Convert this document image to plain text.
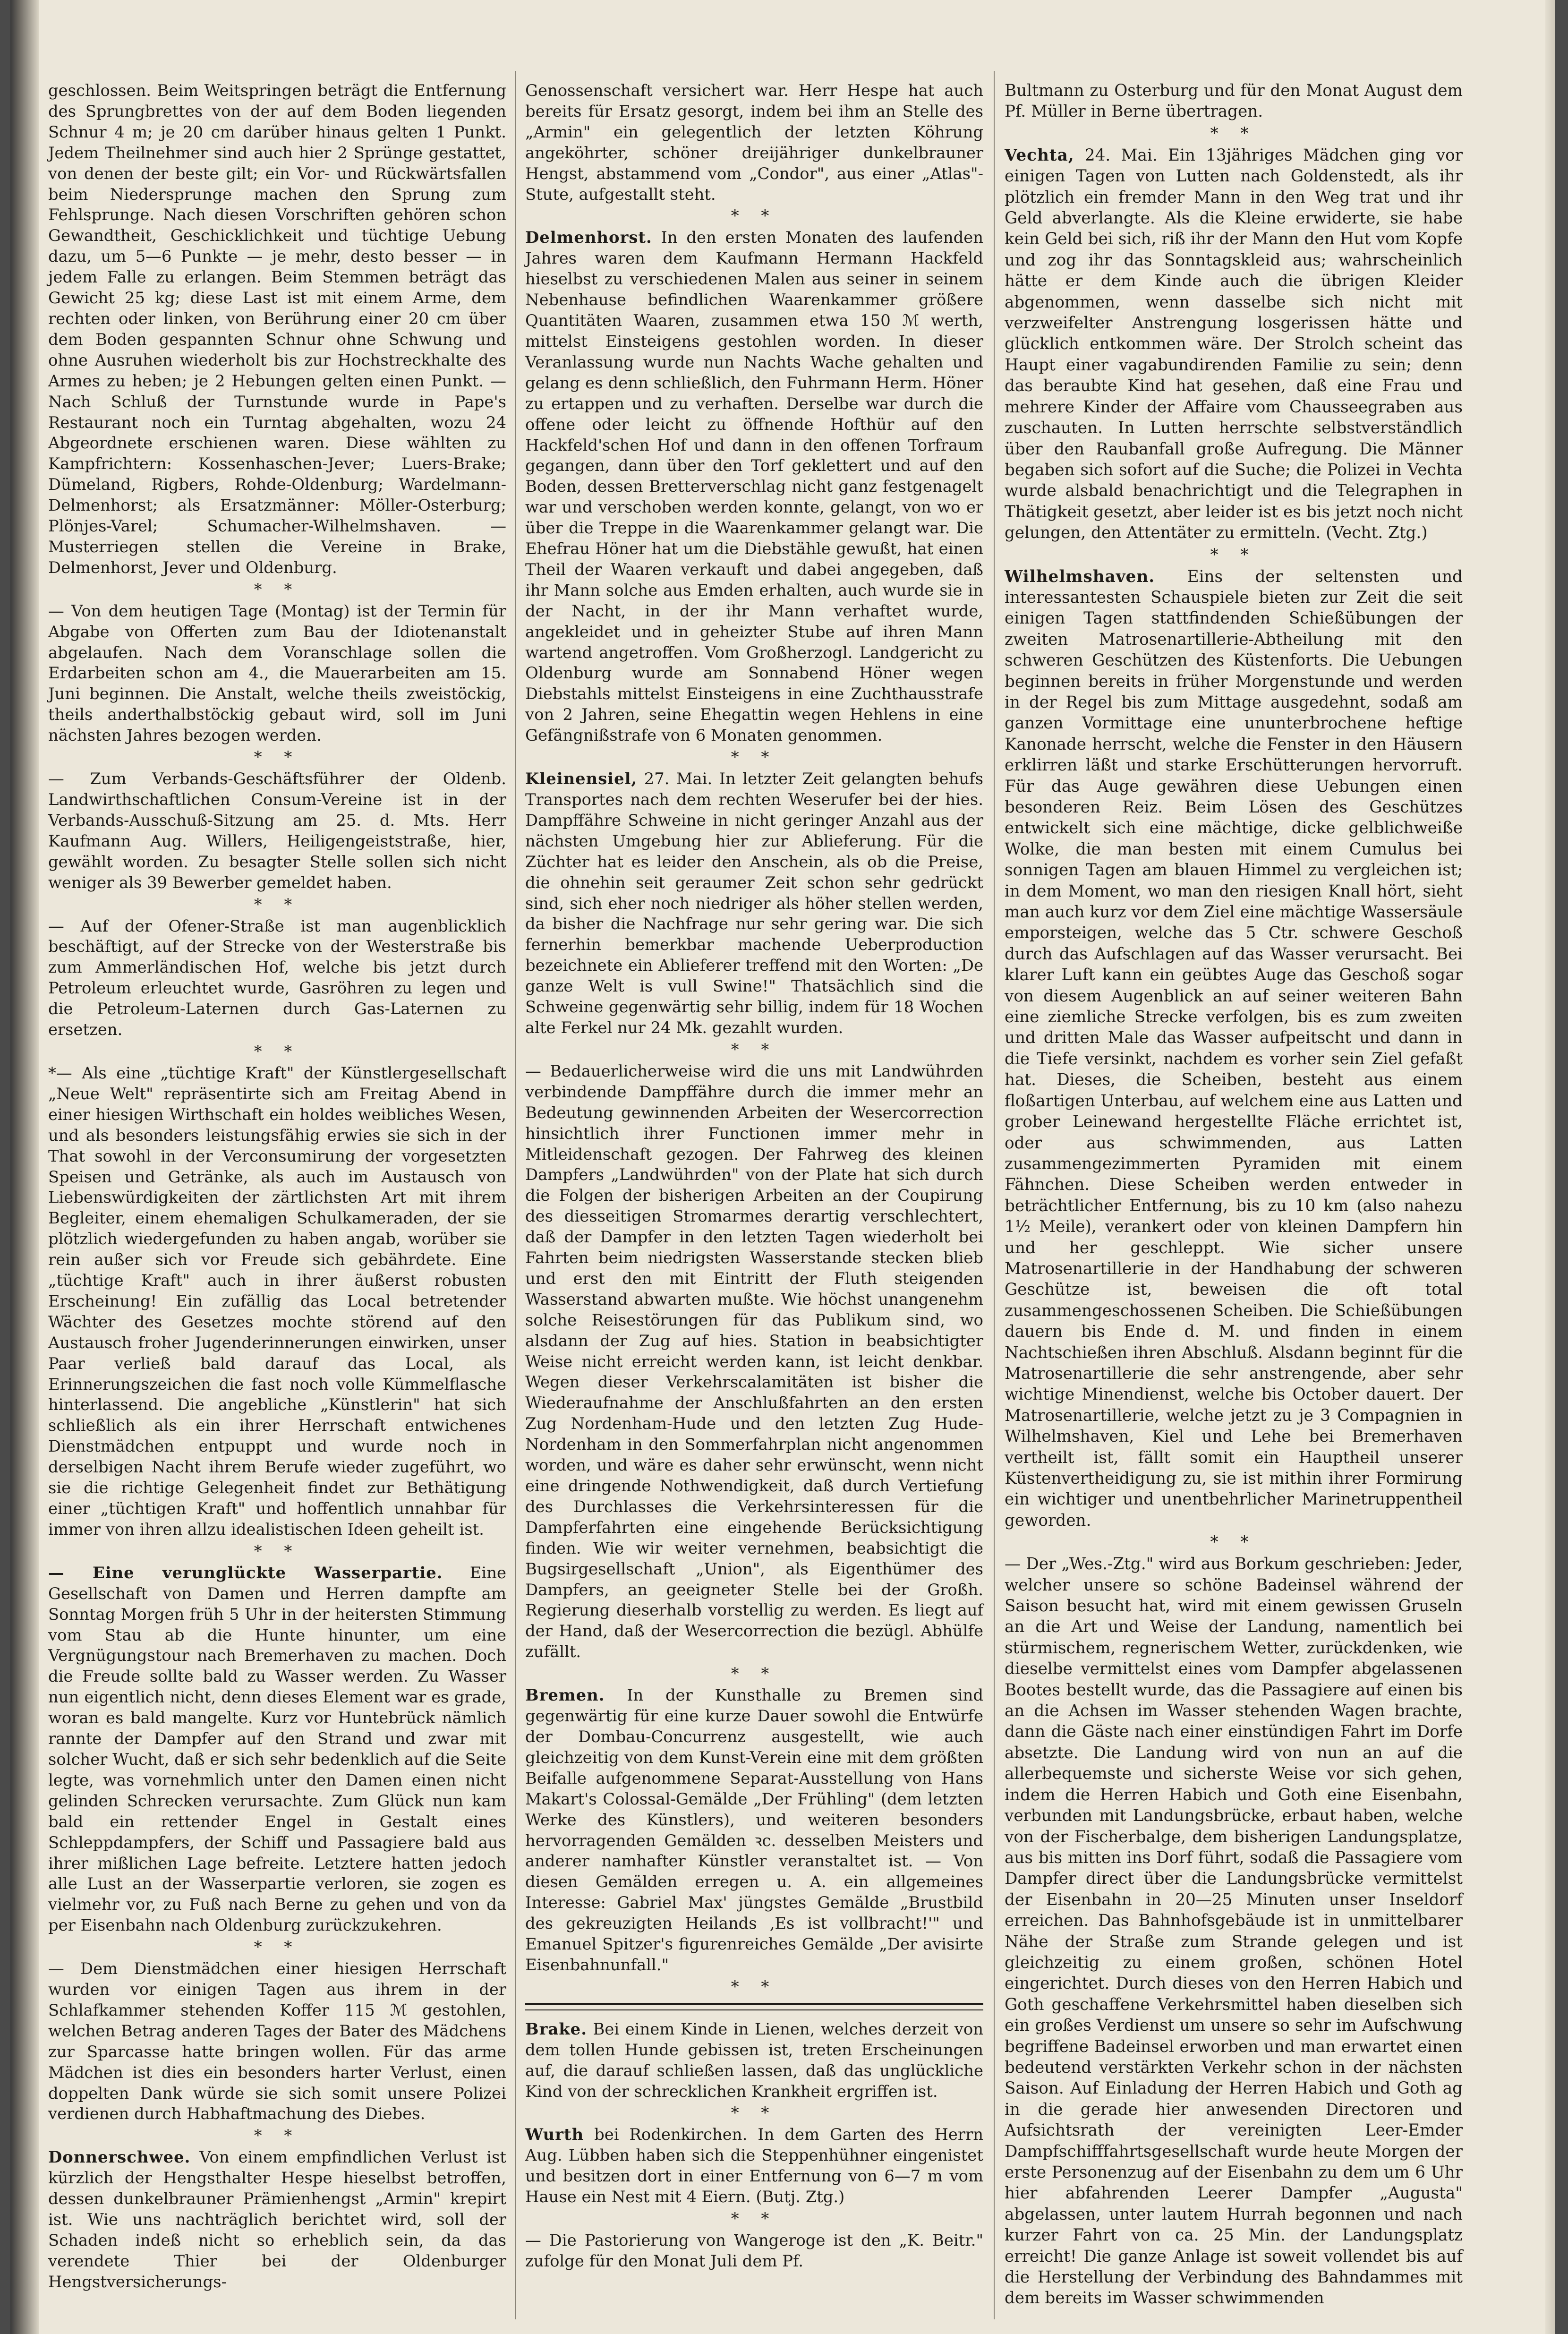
geschlossen. Beim Weitspringen beträgt die Entfernung des Sprungbrettes von der auf dem Boden liegenden Schnur 4 m; je 20 cm darüber hinaus gelten 1 Punkt. Jedem Theilnehmer sind auch hier 2 Sprünge gestattet, von denen der beste gilt; ein Vor- und Rückwärtsfallen beim Niedersprunge machen den Sprung zum Fehlsprunge. Nach diesen Vorschriften gehören schon Gewandtheit, Geschicklichkeit und tüchtige Uebung dazu, um 5—6 Punkte — je mehr, desto besser — in jedem Falle zu erlangen. Beim Stemmen beträgt das Gewicht 25 kg; diese Last ist mit einem Arme, dem rechten oder linken, von Berührung einer 20 cm über dem Boden gespannten Schnur ohne Schwung und ohne Ausruhen wiederholt bis zur Hochstreckhalte des Armes zu heben; je 2 Hebungen gelten einen Punkt. — Nach Schluß der Turnstunde wurde in Pape's Restaurant noch ein Turntag abgehalten, wozu 24 Abgeordnete erschienen waren. Diese wählten zu Kampfrichtern: Kossenhaschen-Jever; Luers-Brake; Dümeland, Rigbers, Rohde-Oldenburg; Wardelmann-Delmenhorst; als Ersatzmänner: Möller-Osterburg; Plönjes-Varel; Schumacher-Wilhelmshaven. — Musterriegen stellen die Vereine in Brake, Delmenhorst, Jever und Oldenburg.

* *

— Von dem heutigen Tage (Montag) ist der Termin für Abgabe von Offerten zum Bau der Idiotenanstalt abgelaufen. Nach dem Voranschlage sollen die Erdarbeiten schon am 4., die Mauerarbeiten am 15. Juni beginnen. Die Anstalt, welche theils zweistöckig, theils anderthalbstöckig gebaut wird, soll im Juni nächsten Jahres bezogen werden.

* *

— Zum Verbands-Geschäftsführer der Oldenb. Landwirthschaftlichen Consum-Vereine ist in der Verbands-Ausschuß-Sitzung am 25. d. Mts. Herr Kaufmann Aug. Willers, Heiligengeiststraße, hier, gewählt worden. Zu besagter Stelle sollen sich nicht weniger als 39 Bewerber gemeldet haben.

* *

— Auf der Ofener-Straße ist man augenblicklich beschäftigt, auf der Strecke von der Westerstraße bis zum Ammerländischen Hof, welche bis jetzt durch Petroleum erleuchtet wurde, Gasröhren zu legen und die Petroleum-Laternen durch Gas-Laternen zu ersetzen.

* *

*— Als eine „tüchtige Kraft" der Künstlergesellschaft „Neue Welt" repräsentirte sich am Freitag Abend in einer hiesigen Wirthschaft ein holdes weibliches Wesen, und als besonders leistungsfähig erwies sie sich in der That sowohl in der Verconsumirung der vorgesetzten Speisen und Getränke, als auch im Austausch von Liebenswürdigkeiten der zärtlichsten Art mit ihrem Begleiter, einem ehemaligen Schulkameraden, der sie plötzlich wiedergefunden zu haben angab, worüber sie rein außer sich vor Freude sich gebährdete. Eine „tüchtige Kraft" auch in ihrer äußerst robusten Erscheinung! Ein zufällig das Local betretender Wächter des Gesetzes mochte störend auf den Austausch froher Jugenderinnerungen einwirken, unser Paar verließ bald darauf das Local, als Erinnerungszeichen die fast noch volle Kümmelflasche hinterlassend. Die angebliche „Künstlerin" hat sich schließlich als ein ihrer Herrschaft entwichenes Dienstmädchen entpuppt und wurde noch in derselbigen Nacht ihrem Berufe wieder zugeführt, wo sie die richtige Gelegenheit findet zur Bethätigung einer „tüchtigen Kraft" und hoffentlich unnahbar für immer von ihren allzu idealistischen Ideen geheilt ist.

* *

— Eine verunglückte Wasserpartie. Eine Gesellschaft von Damen und Herren dampfte am Sonntag Morgen früh 5 Uhr in der heitersten Stimmung vom Stau ab die Hunte hinunter, um eine Vergnügungstour nach Bremerhaven zu machen. Doch die Freude sollte bald zu Wasser werden. Zu Wasser nun eigentlich nicht, denn dieses Element war es grade, woran es bald mangelte. Kurz vor Huntebrück nämlich rannte der Dampfer auf den Strand und zwar mit solcher Wucht, daß er sich sehr bedenklich auf die Seite legte, was vornehmlich unter den Damen einen nicht gelinden Schrecken verursachte. Zum Glück nun kam bald ein rettender Engel in Gestalt eines Schleppdampfers, der Schiff und Passagiere bald aus ihrer mißlichen Lage befreite. Letztere hatten jedoch alle Lust an der Wasserpartie verloren, sie zogen es vielmehr vor, zu Fuß nach Berne zu gehen und von da per Eisenbahn nach Oldenburg zurückzukehren.

* *

— Dem Dienstmädchen einer hiesigen Herrschaft wurden vor einigen Tagen aus ihrem in der Schlafkammer stehenden Koffer 115 ℳ gestohlen, welchen Betrag anderen Tages der Bater des Mädchens zur Sparcasse hatte bringen wollen. Für das arme Mädchen ist dies ein besonders harter Verlust, einen doppelten Dank würde sie sich somit unsere Polizei verdienen durch Habhaftmachung des Diebes.

* *

Donnerschwee. Von einem empfindlichen Verlust ist kürzlich der Hengsthalter Hespe hieselbst betroffen, dessen dunkelbrauner Prämienhengst „Armin" krepirt ist. Wie uns nachträglich berichtet wird, soll der Schaden indeß nicht so erheblich sein, da das verendete Thier bei der Oldenburger Hengstversicherungs-

Genossenschaft versichert war. Herr Hespe hat auch bereits für Ersatz gesorgt, indem bei ihm an Stelle des „Armin" ein gelegentlich der letzten Köhrung angeköhrter, schöner dreijähriger dunkelbrauner Hengst, abstammend vom „Condor", aus einer „Atlas"-Stute, aufgestallt steht.

* *

Delmenhorst. In den ersten Monaten des laufenden Jahres waren dem Kaufmann Hermann Hackfeld hieselbst zu verschiedenen Malen aus seiner in seinem Nebenhause befindlichen Waarenkammer größere Quantitäten Waaren, zusammen etwa 150 ℳ werth, mittelst Einsteigens gestohlen worden. In dieser Veranlassung wurde nun Nachts Wache gehalten und gelang es denn schließlich, den Fuhrmann Herm. Höner zu ertappen und zu verhaften. Derselbe war durch die offene oder leicht zu öffnende Hofthür auf den Hackfeld'schen Hof und dann in den offenen Torfraum gegangen, dann über den Torf geklettert und auf den Boden, dessen Bretterverschlag nicht ganz festgenagelt war und verschoben werden konnte, gelangt, von wo er über die Treppe in die Waarenkammer gelangt war. Die Ehefrau Höner hat um die Diebstähle gewußt, hat einen Theil der Waaren verkauft und dabei angegeben, daß ihr Mann solche aus Emden erhalten, auch wurde sie in der Nacht, in der ihr Mann verhaftet wurde, angekleidet und in geheizter Stube auf ihren Mann wartend angetroffen. Vom Großherzogl. Landgericht zu Oldenburg wurde am Sonnabend Höner wegen Diebstahls mittelst Einsteigens in eine Zuchthausstrafe von 2 Jahren, seine Ehegattin wegen Hehlens in eine Gefängnißstrafe von 6 Monaten genommen.

* *

Kleinensiel, 27. Mai. In letzter Zeit gelangten behufs Transportes nach dem rechten Weserufer bei der hies. Dampffähre Schweine in nicht geringer Anzahl aus der nächsten Umgebung hier zur Ablieferung. Für die Züchter hat es leider den Anschein, als ob die Preise, die ohnehin seit geraumer Zeit schon sehr gedrückt sind, sich eher noch niedriger als höher stellen werden, da bisher die Nachfrage nur sehr gering war. Die sich fernerhin bemerkbar machende Ueberproduction bezeichnete ein Ablieferer treffend mit den Worten: „De ganze Welt is vull Swine!" Thatsächlich sind die Schweine gegenwärtig sehr billig, indem für 18 Wochen alte Ferkel nur 24 Mk. gezahlt wurden.

* *

— Bedauerlicherweise wird die uns mit Landwührden verbindende Dampffähre durch die immer mehr an Bedeutung gewinnenden Arbeiten der Wesercorrection hinsichtlich ihrer Functionen immer mehr in Mitleidenschaft gezogen. Der Fahrweg des kleinen Dampfers „Landwührden" von der Plate hat sich durch die Folgen der bisherigen Arbeiten an der Coupirung des diesseitigen Stromarmes derartig verschlechtert, daß der Dampfer in den letzten Tagen wiederholt bei Fahrten beim niedrigsten Wasserstande stecken blieb und erst den mit Eintritt der Fluth steigenden Wasserstand abwarten mußte. Wie höchst unangenehm solche Reisestörungen für das Publikum sind, wo alsdann der Zug auf hies. Station in beabsichtigter Weise nicht erreicht werden kann, ist leicht denkbar. Wegen dieser Verkehrscalamitäten ist bisher die Wiederaufnahme der Anschlußfahrten an den ersten Zug Nordenham-Hude und den letzten Zug Hude-Nordenham in den Sommerfahrplan nicht angenommen worden, und wäre es daher sehr erwünscht, wenn nicht eine dringende Nothwendigkeit, daß durch Vertiefung des Durchlasses die Verkehrsinteressen für die Dampferfahrten eine eingehende Berücksichtigung finden. Wie wir weiter vernehmen, beabsichtigt die Bugsirgesellschaft „Union", als Eigenthümer des Dampfers, an geeigneter Stelle bei der Großh. Regierung dieserhalb vorstellig zu werden. Es liegt auf der Hand, daß der Wesercorrection die bezügl. Abhülfe zufällt.

* *

Bremen. In der Kunsthalle zu Bremen sind gegenwärtig für eine kurze Dauer sowohl die Entwürfe der Dombau-Concurrenz ausgestellt, wie auch gleichzeitig von dem Kunst-Verein eine mit dem größten Beifalle aufgenommene Separat-Ausstellung von Hans Makart's Colossal-Gemälde „Der Frühling" (dem letzten Werke des Künstlers), und weiteren besonders hervorragenden Gemälden ꝛc. desselben Meisters und anderer namhafter Künstler veranstaltet ist. — Von diesen Gemälden erregen u. A. ein allgemeines Interesse: Gabriel Max' jüngstes Gemälde „Brustbild des gekreuzigten Heilands ‚Es ist vollbracht!'" und Emanuel Spitzer's figurenreiches Gemälde „Der avisirte Eisenbahnunfall."

* *

Brake. Bei einem Kinde in Lienen, welches derzeit von dem tollen Hunde gebissen ist, treten Erscheinungen auf, die darauf schließen lassen, daß das unglückliche Kind von der schrecklichen Krankheit ergriffen ist.

* *

Wurth bei Rodenkirchen. In dem Garten des Herrn Aug. Lübben haben sich die Steppenhühner eingenistet und besitzen dort in einer Entfernung von 6—7 m vom Hause ein Nest mit 4 Eiern. (Butj. Ztg.)

* *

— Die Pastorierung von Wangeroge ist den „K. Beitr." zufolge für den Monat Juli dem Pf.

Bultmann zu Osterburg und für den Monat August dem Pf. Müller in Berne übertragen.

* *

Vechta, 24. Mai. Ein 13jähriges Mädchen ging vor einigen Tagen von Lutten nach Goldenstedt, als ihr plötzlich ein fremder Mann in den Weg trat und ihr Geld abverlangte. Als die Kleine erwiderte, sie habe kein Geld bei sich, riß ihr der Mann den Hut vom Kopfe und zog ihr das Sonntagskleid aus; wahrscheinlich hätte er dem Kinde auch die übrigen Kleider abgenommen, wenn dasselbe sich nicht mit verzweifelter Anstrengung losgerissen hätte und glücklich entkommen wäre. Der Strolch scheint das Haupt einer vagabundirenden Familie zu sein; denn das beraubte Kind hat gesehen, daß eine Frau und mehrere Kinder der Affaire vom Chausseegraben aus zuschauten. In Lutten herrschte selbstverständlich über den Raubanfall große Aufregung. Die Männer begaben sich sofort auf die Suche; die Polizei in Vechta wurde alsbald benachrichtigt und die Telegraphen in Thätigkeit gesetzt, aber leider ist es bis jetzt noch nicht gelungen, den Attentäter zu ermitteln. (Vecht. Ztg.)

* *

Wilhelmshaven. Eins der seltensten und interessantesten Schauspiele bieten zur Zeit die seit einigen Tagen stattfindenden Schießübungen der zweiten Matrosenartillerie-Abtheilung mit den schweren Geschützen des Küstenforts. Die Uebungen beginnen bereits in früher Morgenstunde und werden in der Regel bis zum Mittage ausgedehnt, sodaß am ganzen Vormittage eine ununterbrochene heftige Kanonade herrscht, welche die Fenster in den Häusern erklirren läßt und starke Erschütterungen hervorruft. Für das Auge gewähren diese Uebungen einen besonderen Reiz. Beim Lösen des Geschützes entwickelt sich eine mächtige, dicke gelblichweiße Wolke, die man besten mit einem Cumulus bei sonnigen Tagen am blauen Himmel zu vergleichen ist; in dem Moment, wo man den riesigen Knall hört, sieht man auch kurz vor dem Ziel eine mächtige Wassersäule emporsteigen, welche das 5 Ctr. schwere Geschoß durch das Aufschlagen auf das Wasser verursacht. Bei klarer Luft kann ein geübtes Auge das Geschoß sogar von diesem Augenblick an auf seiner weiteren Bahn eine ziemliche Strecke verfolgen, bis es zum zweiten und dritten Male das Wasser aufpeitscht und dann in die Tiefe versinkt, nachdem es vorher sein Ziel gefaßt hat. Dieses, die Scheiben, besteht aus einem floßartigen Unterbau, auf welchem eine aus Latten und grober Leinewand hergestellte Fläche errichtet ist, oder aus schwimmenden, aus Latten zusammengezimmerten Pyramiden mit einem Fähnchen. Diese Scheiben werden entweder in beträchtlicher Entfernung, bis zu 10 km (also nahezu 1½ Meile), verankert oder von kleinen Dampfern hin und her geschleppt. Wie sicher unsere Matrosenartillerie in der Handhabung der schweren Geschütze ist, beweisen die oft total zusammengeschossenen Scheiben. Die Schießübungen dauern bis Ende d. M. und finden in einem Nachtschießen ihren Abschluß. Alsdann beginnt für die Matrosenartillerie die sehr anstrengende, aber sehr wichtige Minendienst, welche bis October dauert. Der Matrosenartillerie, welche jetzt zu je 3 Compagnien in Wilhelmshaven, Kiel und Lehe bei Bremerhaven vertheilt ist, fällt somit ein Hauptheil unserer Küstenvertheidigung zu, sie ist mithin ihrer Formirung ein wichtiger und unentbehrlicher Marinetruppentheil geworden.

* *

— Der „Wes.-Ztg." wird aus Borkum geschrieben: Jeder, welcher unsere so schöne Badeinsel während der Saison besucht hat, wird mit einem gewissen Gruseln an die Art und Weise der Landung, namentlich bei stürmischem, regnerischem Wetter, zurückdenken, wie dieselbe vermittelst eines vom Dampfer abgelassenen Bootes bestellt wurde, das die Passagiere auf einen bis an die Achsen im Wasser stehenden Wagen brachte, dann die Gäste nach einer einstündigen Fahrt im Dorfe absetzte. Die Landung wird von nun an auf die allerbequemste und sicherste Weise vor sich gehen, indem die Herren Habich und Goth eine Eisenbahn, verbunden mit Landungsbrücke, erbaut haben, welche von der Fischerbalge, dem bisherigen Landungsplatze, aus bis mitten ins Dorf führt, sodaß die Passagiere vom Dampfer direct über die Landungsbrücke vermittelst der Eisenbahn in 20—25 Minuten unser Inseldorf erreichen. Das Bahnhofsgebäude ist in unmittelbarer Nähe der Straße zum Strande gelegen und ist gleichzeitig zu einem großen, schönen Hotel eingerichtet. Durch dieses von den Herren Habich und Goth geschaffene Verkehrsmittel haben dieselben sich ein großes Verdienst um unsere so sehr im Aufschwung begriffene Badeinsel erworben und man erwartet einen bedeutend verstärkten Verkehr schon in der nächsten Saison. Auf Einladung der Herren Habich und Goth ag in die gerade hier anwesenden Directoren und Aufsichtsrath der vereinigten Leer-Emder Dampfschifffahrtsgesellschaft wurde heute Morgen der erste Personenzug auf der Eisenbahn zu dem um 6 Uhr hier abfahrenden Leerer Dampfer „Augusta" abgelassen, unter lautem Hurrah begonnen und nach kurzer Fahrt von ca. 25 Min. der Landungsplatz erreicht! Die ganze Anlage ist soweit vollendet bis auf die Herstellung der Verbindung des Bahndammes mit dem bereits im Wasser schwimmenden
